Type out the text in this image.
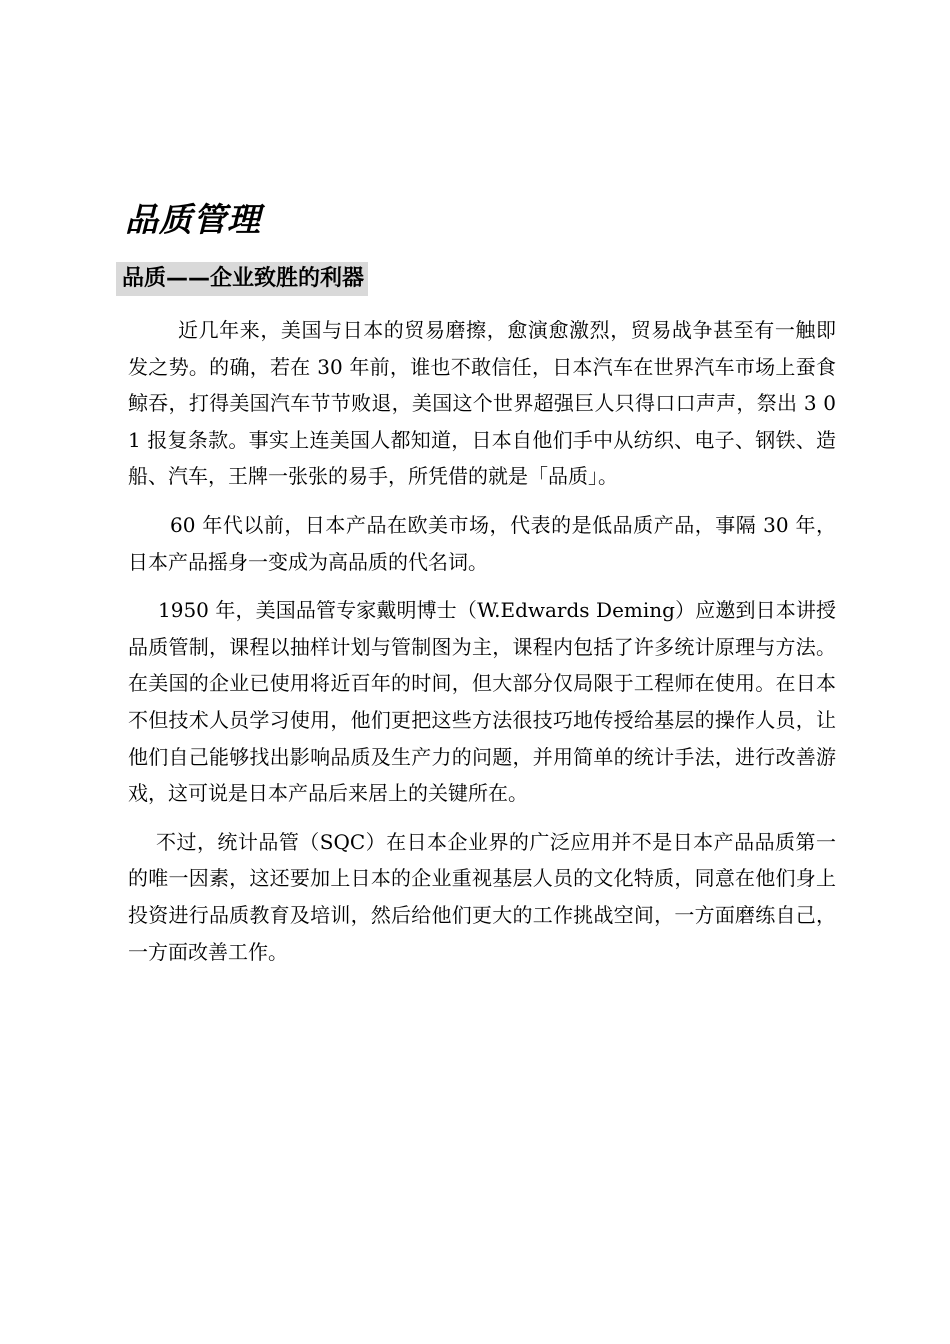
品质管理
品质——企业致胜的利器

近几年来，美国与日本的贸易磨擦，愈演愈激烈，贸易战争甚至有一触即发之势。的确，若在 30 年前，谁也不敢信任，日本汽车在世界汽车市场上蚕食鲸吞，打得美国汽车节节败退，美国这个世界超强巨人只得口口声声，祭出 3 0 1 报复条款。事实上连美国人都知道，日本自他们手中从纺织、电子、钢铁、造船、汽车，王牌一张张的易手，所凭借的就是「品质」。

60 年代以前，日本产品在欧美市场，代表的是低品质产品，事隔 30 年，日本产品摇身一变成为高品质的代名词。

1950 年，美国品管专家戴明博士（W.Edwards Deming）应邀到日本讲授品质管制，课程以抽样计划与管制图为主，课程内包括了许多统计原理与方法。在美国的企业已使用将近百年的时间，但大部分仅局限于工程师在使用。在日本不但技术人员学习使用，他们更把这些方法很技巧地传授给基层的操作人员，让他们自己能够找出影响品质及生产力的问题，并用简单的统计手法，进行改善游戏，这可说是日本产品后来居上的关键所在。

不过，统计品管（SQC）在日本企业界的广泛应用并不是日本产品品质第一的唯一因素，这还要加上日本的企业重视基层人员的文化特质，同意在他们身上投资进行品质教育及培训，然后给他们更大的工作挑战空间，一方面磨练自己，一方面改善工作。
